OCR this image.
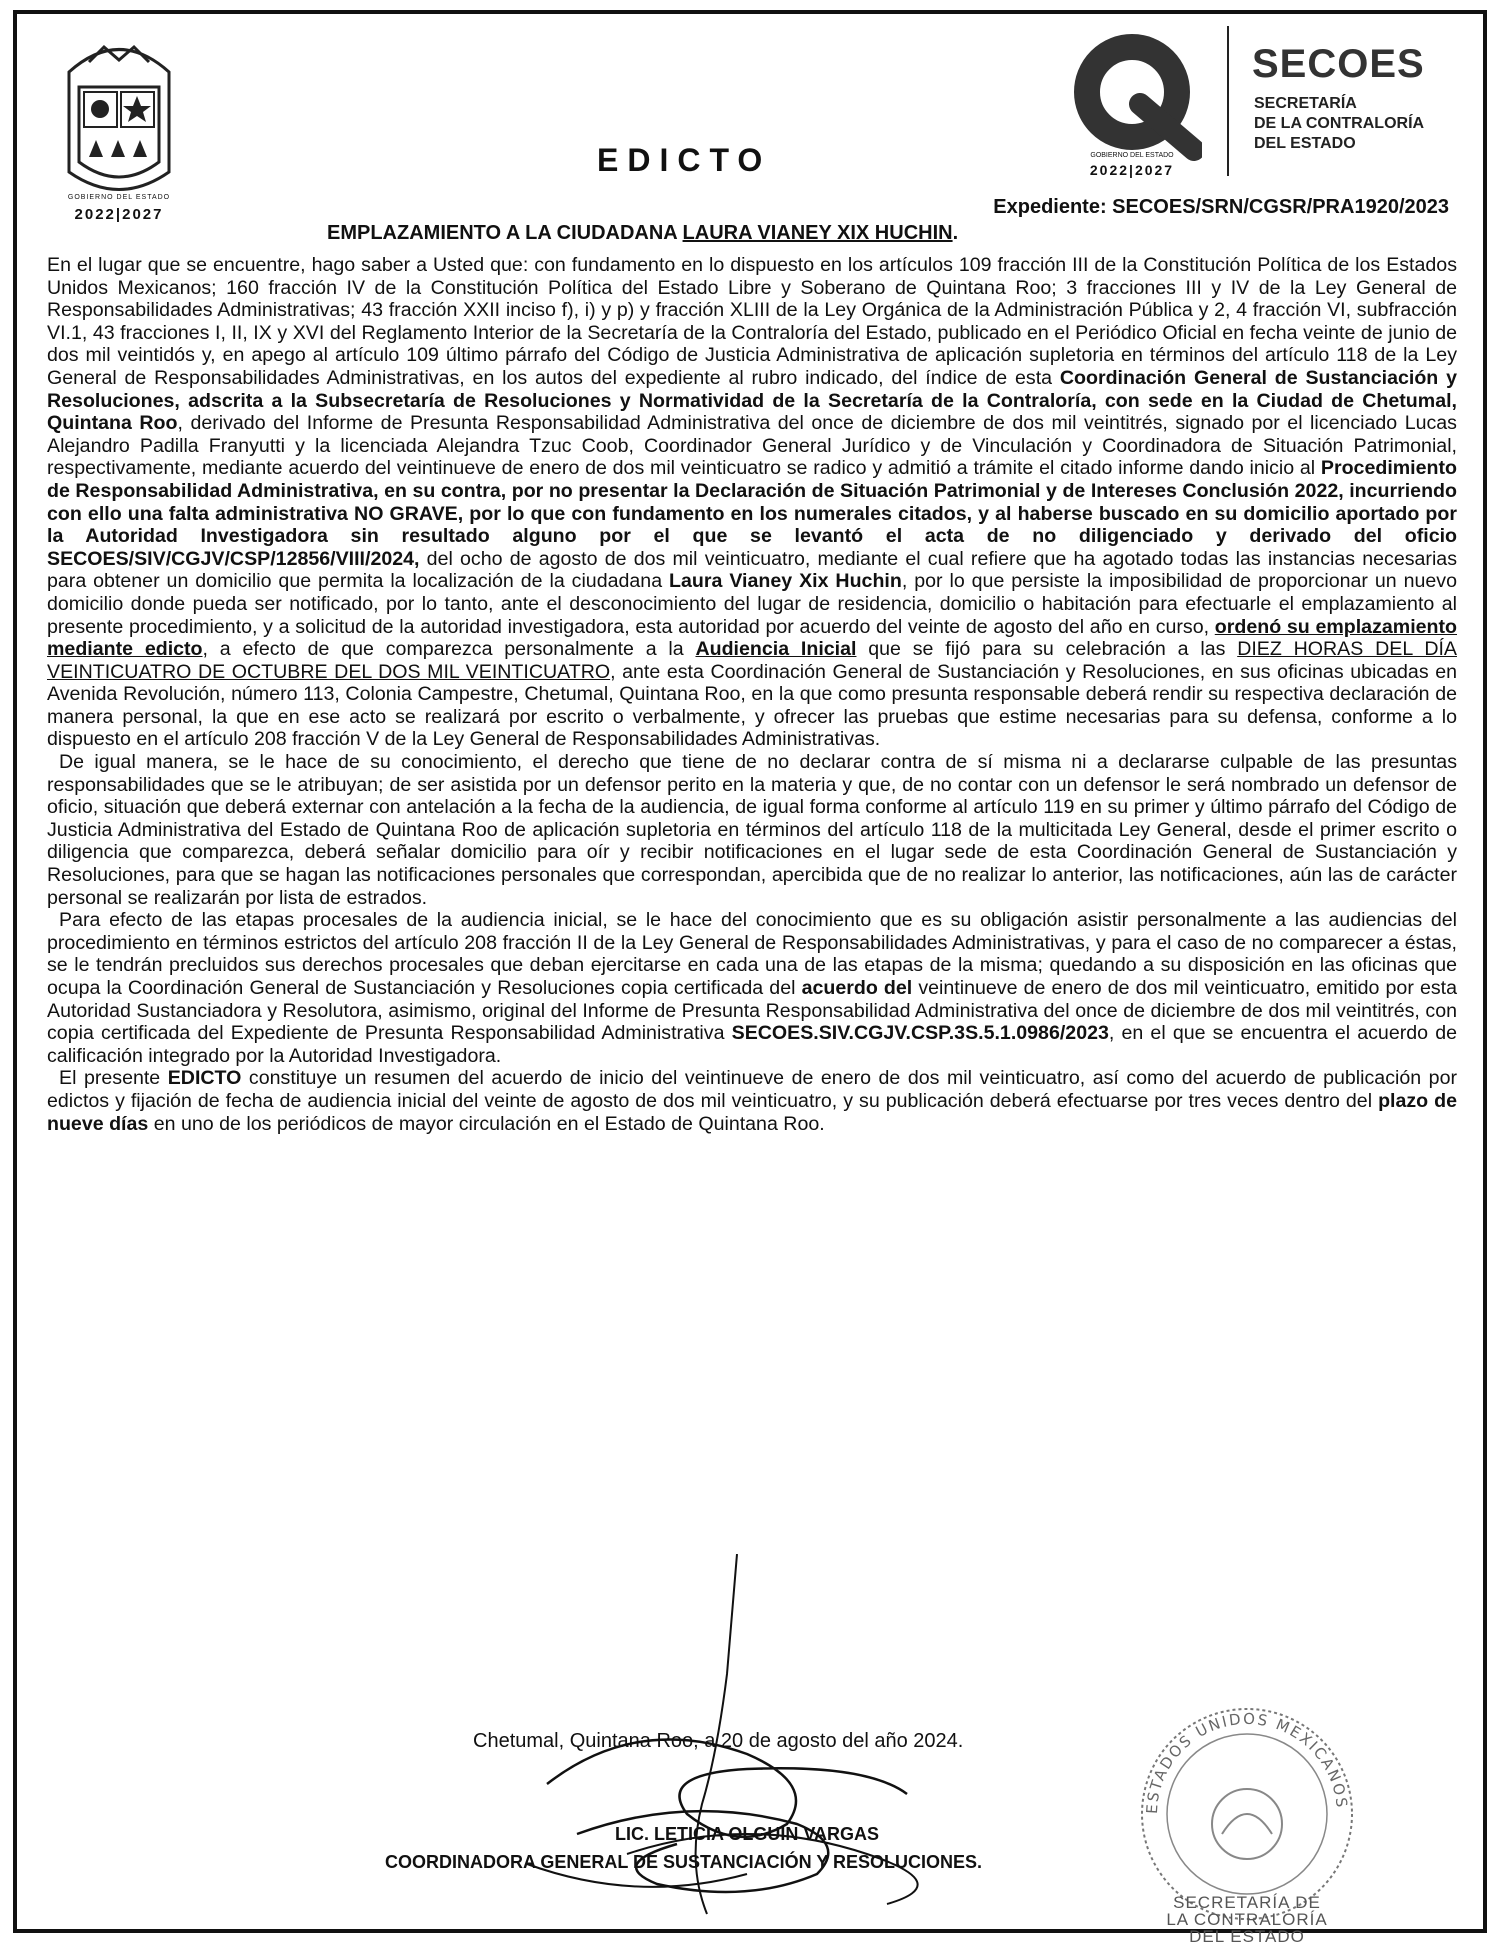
GOBIERNO DEL ESTADO
2022|2027
GOBIERNO DEL ESTADO
2022|2027
SECOES
SECRETARÍA
DE LA CONTRALORÍA
DEL ESTADO
EDICTO
Expediente: SECOES/SRN/CGSR/PRA1920/2023
EMPLAZAMIENTO A LA CIUDADANA LAURA VIANEY XIX HUCHIN.

En el lugar que se encuentre, hago saber a Usted que: con fundamento en lo dispuesto en los artículos 109 fracción III de la Constitución Política de los Estados Unidos Mexicanos; 160 fracción IV de la Constitución Política del Estado Libre y Soberano de Quintana Roo; 3 fracciones III y IV de la Ley General de Responsabilidades Administrativas; 43 fracción XXII inciso f), i) y p) y fracción XLIII de la Ley Orgánica de la Administración Pública y 2, 4 fracción VI, subfracción VI.1, 43 fracciones I, II, IX y XVI del Reglamento Interior de la Secretaría de la Contraloría del Estado, publicado en el Periódico Oficial en fecha veinte de junio de dos mil veintidós y, en apego al artículo 109 último párrafo del Código de Justicia Administrativa de aplicación supletoria en términos del artículo 118 de la Ley General de Responsabilidades Administrativas, en los autos del expediente al rubro indicado, del índice de esta Coordinación General de Sustanciación y Resoluciones, adscrita a la Subsecretaría de Resoluciones y Normatividad de la Secretaría de la Contraloría, con sede en la Ciudad de Chetumal, Quintana Roo, derivado del Informe de Presunta Responsabilidad Administrativa del once de diciembre de dos mil veintitrés, signado por el licenciado Lucas Alejandro Padilla Franyutti y la licenciada Alejandra Tzuc Coob, Coordinador General Jurídico y de Vinculación y Coordinadora de Situación Patrimonial, respectivamente, mediante acuerdo del veintinueve de enero de dos mil veinticuatro se radico y admitió a trámite el citado informe dando inicio al Procedimiento de Responsabilidad Administrativa, en su contra, por no presentar la Declaración de Situación Patrimonial y de Intereses Conclusión 2022, incurriendo con ello una falta administrativa NO GRAVE, por lo que con fundamento en los numerales citados, y al haberse buscado en su domicilio aportado por la Autoridad Investigadora sin resultado alguno por el que se levantó el acta de no diligenciado y derivado del oficio SECOES/SIV/CGJV/CSP/12856/VIII/2024, del ocho de agosto de dos mil veinticuatro, mediante el cual refiere que ha agotado todas las instancias necesarias para obtener un domicilio que permita la localización de la ciudadana Laura Vianey Xix Huchin, por lo que persiste la imposibilidad de proporcionar un nuevo domicilio donde pueda ser notificado, por lo tanto, ante el desconocimiento del lugar de residencia, domicilio o habitación para efectuarle el emplazamiento al presente procedimiento, y a solicitud de la autoridad investigadora, esta autoridad por acuerdo del veinte de agosto del año en curso, ordenó su emplazamiento mediante edicto, a efecto de que comparezca personalmente a la Audiencia Inicial que se fijó para su celebración a las DIEZ HORAS DEL DÍA VEINTICUATRO DE OCTUBRE DEL DOS MIL VEINTICUATRO, ante esta Coordinación General de Sustanciación y Resoluciones, en sus oficinas ubicadas en Avenida Revolución, número 113, Colonia Campestre, Chetumal, Quintana Roo, en la que como presunta responsable deberá rendir su respectiva declaración de manera personal, la que en ese acto se realizará por escrito o verbalmente, y ofrecer las pruebas que estime necesarias para su defensa, conforme a lo dispuesto en el artículo 208 fracción V de la Ley General de Responsabilidades Administrativas.

De igual manera, se le hace de su conocimiento, el derecho que tiene de no declarar contra de sí misma ni a declararse culpable de las presuntas responsabilidades que se le atribuyan; de ser asistida por un defensor perito en la materia y que, de no contar con un defensor le será nombrado un defensor de oficio, situación que deberá externar con antelación a la fecha de la audiencia, de igual forma conforme al artículo 119 en su primer y último párrafo del Código de Justicia Administrativa del Estado de Quintana Roo de aplicación supletoria en términos del artículo 118 de la multicitada Ley General, desde el primer escrito o diligencia que comparezca, deberá señalar domicilio para oír y recibir notificaciones en el lugar sede de esta Coordinación General de Sustanciación y Resoluciones, para que se hagan las notificaciones personales que correspondan, apercibida que de no realizar lo anterior, las notificaciones, aún las de carácter personal se realizarán por lista de estrados.

Para efecto de las etapas procesales de la audiencia inicial, se le hace del conocimiento que es su obligación asistir personalmente a las audiencias del procedimiento en términos estrictos del artículo 208 fracción II de la Ley General de Responsabilidades Administrativas, y para el caso de no comparecer a éstas, se le tendrán precluidos sus derechos procesales que deban ejercitarse en cada una de las etapas de la misma; quedando a su disposición en las oficinas que ocupa la Coordinación General de Sustanciación y Resoluciones copia certificada del acuerdo del veintinueve de enero de dos mil veinticuatro, emitido por esta Autoridad Sustanciadora y Resolutora, asimismo, original del Informe de Presunta Responsabilidad Administrativa del once de diciembre de dos mil veintitrés, con copia certificada del Expediente de Presunta Responsabilidad Administrativa SECOES.SIV.CGJV.CSP.3S.5.1.0986/2023, en el que se encuentra el acuerdo de calificación integrado por la Autoridad Investigadora.

El presente EDICTO constituye un resumen del acuerdo de inicio del veintinueve de enero de dos mil veinticuatro, así como del acuerdo de publicación por edictos y fijación de fecha de audiencia inicial del veinte de agosto de dos mil veinticuatro, y su publicación deberá efectuarse por tres veces dentro del plazo de nueve días en uno de los periódicos de mayor circulación en el Estado de Quintana Roo.

Chetumal, Quintana Roo, a 20 de agosto del año 2024.
LIC. LETICIA OLGUIN VARGAS
COORDINADORA GENERAL DE SUSTANCIACIÓN Y RESOLUCIONES.
ESTADOS UNIDOS MEXICANOS
SECRETARÍA DE
LA CONTRALORÍA
DEL ESTADO
